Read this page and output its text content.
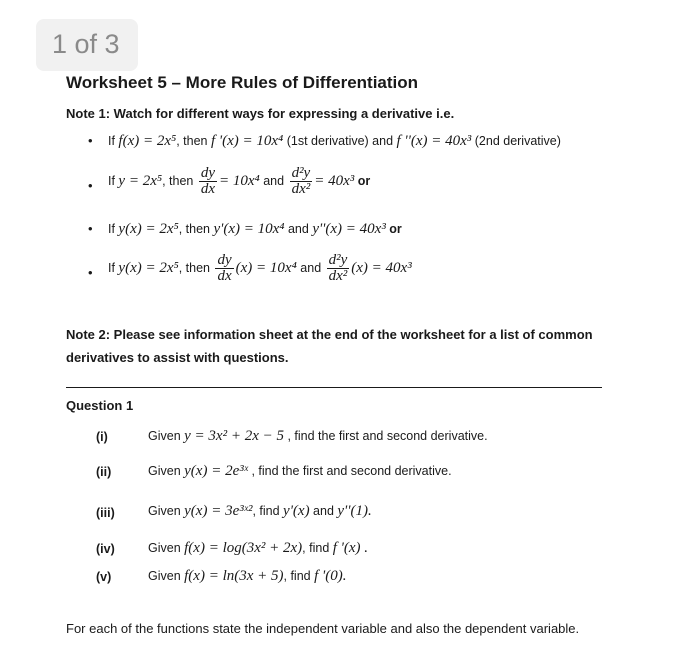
1 of 3
Worksheet 5 – More Rules of Differentiation
Note 1: Watch for different ways for expressing a derivative i.e.
• If f(x) = 2x⁵, then f '(x) = 10x⁴ (1st derivative) and f ''(x) = 40x³ (2nd derivative)
• If y = 2x⁵, then $\frac{dy}{dx} = 10x^4$ and $\frac{\text{d²y}}{\text{dx²}} = 40x^3$ or
• If y(x) = 2x⁵, then y'(x) = 10x⁴ and y''(x) = 40x³ or
• If y(x) = 2x⁵, then $\frac{dy}{dx} (x) = 10x^4$ and $\frac{\text{d²y}}{\text{dx²}} (x) = 40x^3$
Note 2: Please see information sheet at the end of the worksheet for a list of common
derivatives to assist with questions.
Question 1
(i)	Given y = 3x² + 2x − 5 , find the first and second derivative.
(ii)	Given y(x) = 2e³ˣ , find the first and second derivative.
(iii)	Given y(x) = 3e³ˣ², find y'(x) and y''(1).
(iv)	Given f(x) = log(3x² + 2x), find f '(x) .
(v)	Given f(x) = ln(3x + 5), find f '(0).
For each of the functions state the independent variable and also the dependent variable.
